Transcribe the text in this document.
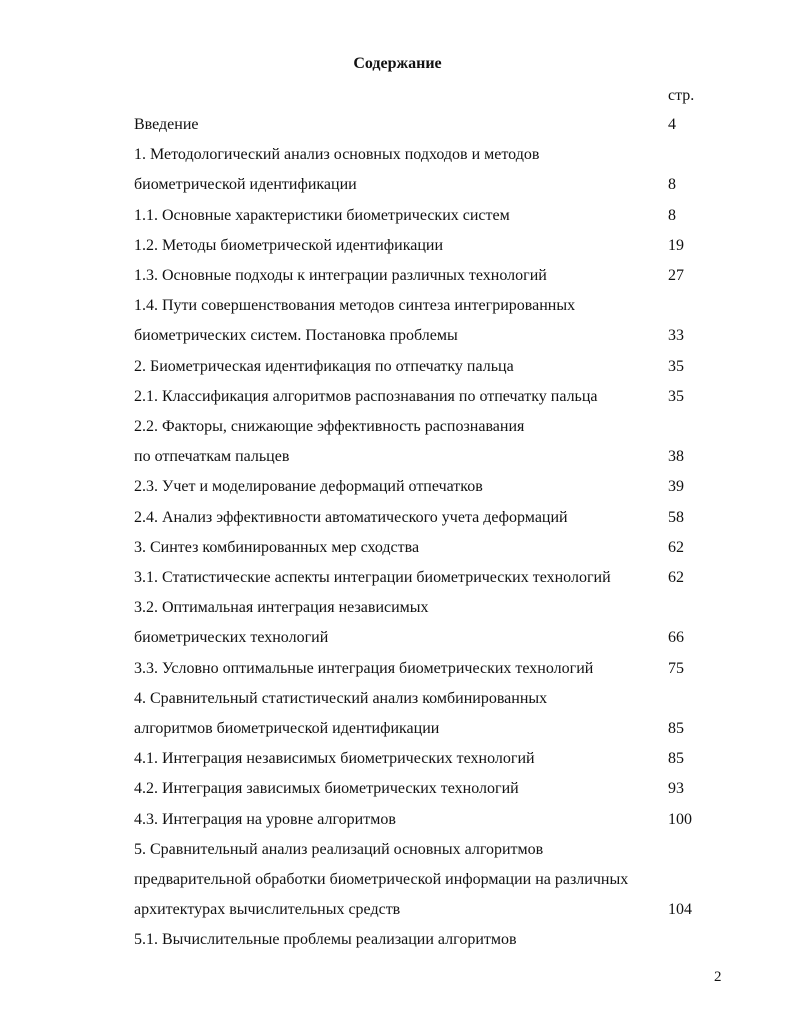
Содержание
стр.
Введение	4
1. Методологический анализ основных подходов и методов
биометрической идентификации	8
1.1. Основные характеристики биометрических систем	8
1.2. Методы биометрической идентификации	19
1.3. Основные подходы к интеграции различных технологий	27
1.4. Пути совершенствования методов синтеза интегрированных
биометрических систем. Постановка проблемы	33
2. Биометрическая идентификация по отпечатку пальца	35
2.1. Классификация алгоритмов распознавания по отпечатку пальца	35
2.2. Факторы, снижающие эффективность распознавания
по отпечаткам пальцев	38
2.3. Учет и моделирование деформаций отпечатков	39
2.4. Анализ эффективности автоматического учета деформаций	58
3. Синтез комбинированных мер сходства	62
3.1. Статистические аспекты интеграции биометрических технологий	62
3.2. Оптимальная интеграция независимых
биометрических технологий	66
3.3. Условно оптимальные интеграция биометрических технологий	75
4. Сравнительный статистический анализ комбинированных
алгоритмов биометрической идентификации	85
4.1. Интеграция независимых биометрических технологий	85
4.2. Интеграция зависимых биометрических технологий	93
4.3. Интеграция на уровне алгоритмов	100
5. Сравнительный анализ реализаций основных алгоритмов
предварительной обработки биометрической информации на различных
архитектурах вычислительных средств	104
5.1. Вычислительные проблемы реализации алгоритмов
2
